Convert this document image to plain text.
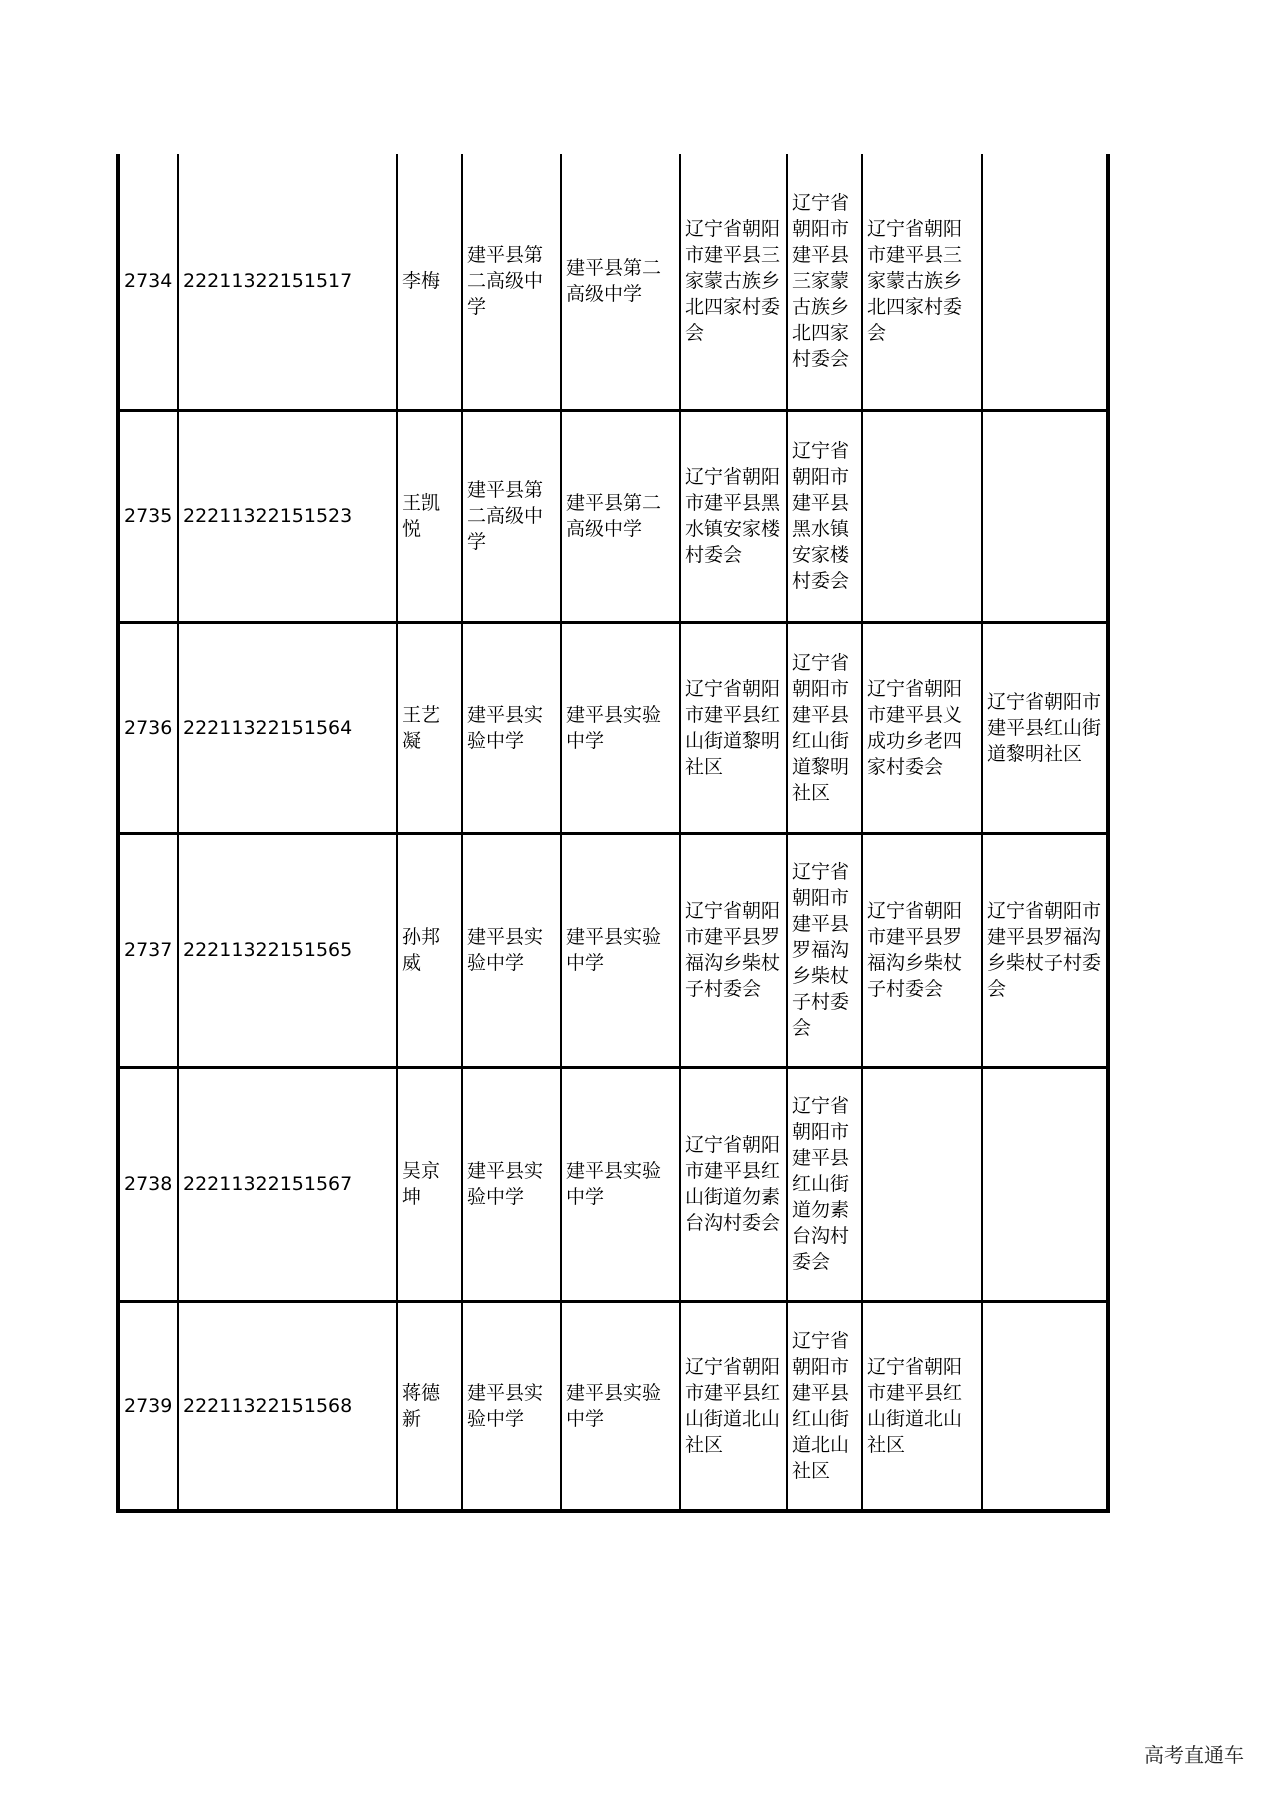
2734	22211322151517	李梅	建平县第二高级中学	建平县第二高级中学	辽宁省朝阳市建平县三家蒙古族乡北四家村委会	辽宁省朝阳市建平县三家蒙古族乡北四家村委会	辽宁省朝阳市建平县三家蒙古族乡北四家村委会	
2735	22211322151523	王凯悦	建平县第二高级中学	建平县第二高级中学	辽宁省朝阳市建平县黑水镇安家楼村委会	辽宁省朝阳市建平县黑水镇安家楼村委会		
2736	22211322151564	王艺凝	建平县实验中学	建平县实验中学	辽宁省朝阳市建平县红山街道黎明社区	辽宁省朝阳市建平县红山街道黎明社区	辽宁省朝阳市建平县义成功乡老四家村委会	辽宁省朝阳市建平县红山街道黎明社区
2737	22211322151565	孙邦威	建平县实验中学	建平县实验中学	辽宁省朝阳市建平县罗福沟乡柴杖子村委会	辽宁省朝阳市建平县罗福沟乡柴杖子村委会	辽宁省朝阳市建平县罗福沟乡柴杖子村委会	辽宁省朝阳市建平县罗福沟乡柴杖子村委会
2738	22211322151567	吴京坤	建平县实验中学	建平县实验中学	辽宁省朝阳市建平县红山街道勿素台沟村委会	辽宁省朝阳市建平县红山街道勿素台沟村委会		
2739	22211322151568	蒋德新	建平县实验中学	建平县实验中学	辽宁省朝阳市建平县红山街道北山社区	辽宁省朝阳市建平县红山街道北山社区	辽宁省朝阳市建平县红山街道北山社区	
高考直通车
